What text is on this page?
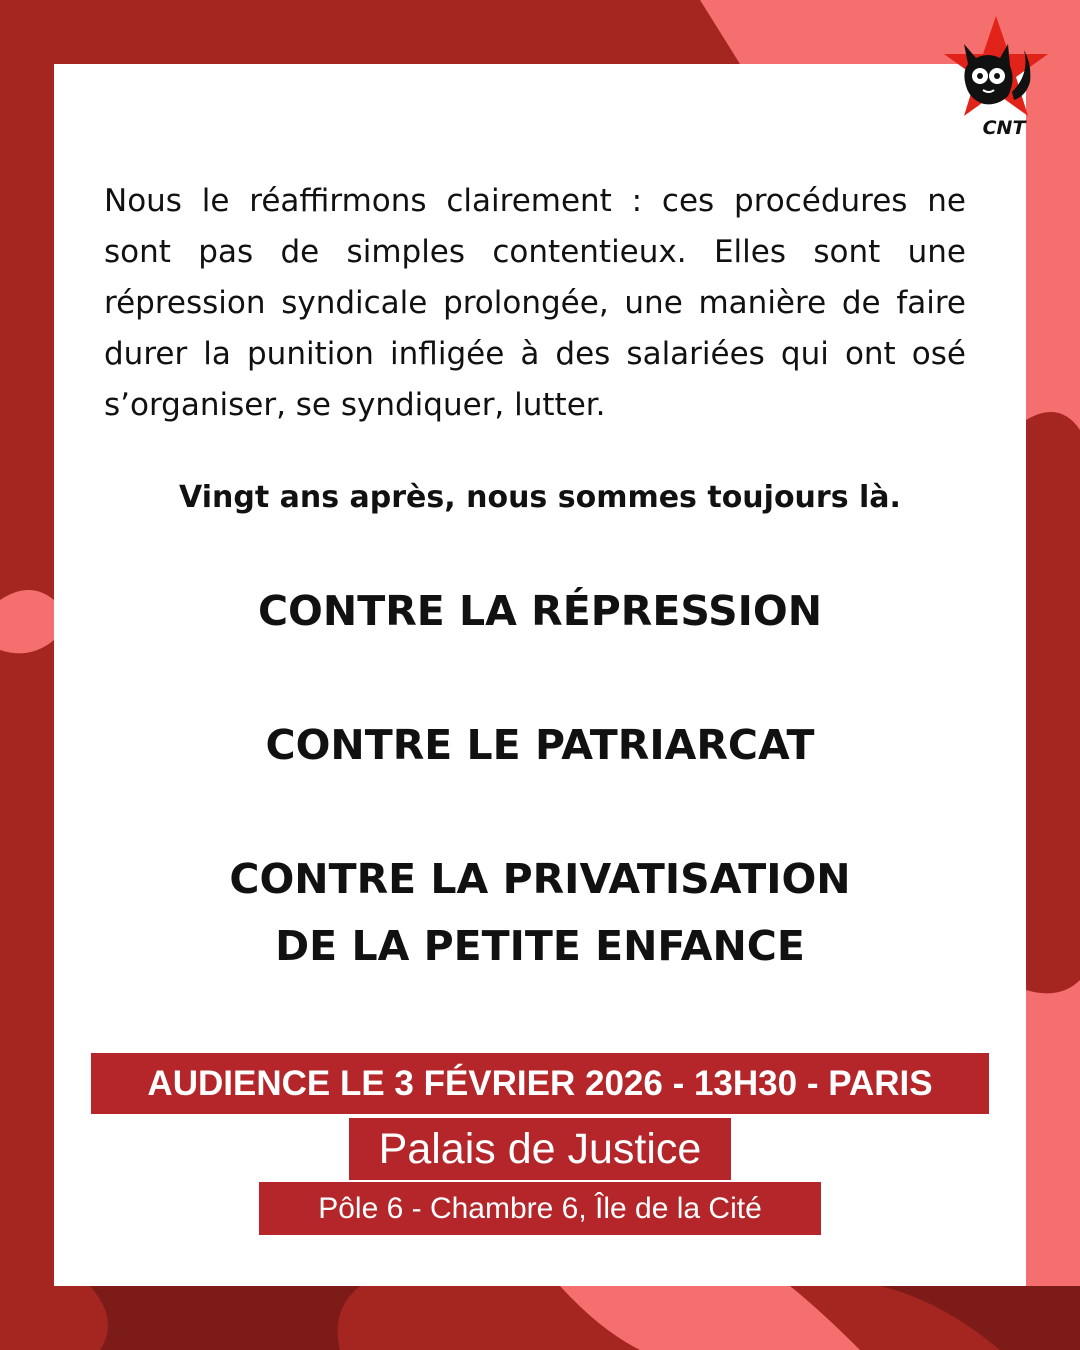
Nous le réaffirmons clairement : ces procédures ne sont pas de simples contentieux. Elles sont une répression syndicale prolongée, une manière de faire durer la punition infligée à des salariées qui ont osé s’organiser, se syndiquer, lutter.

Vingt ans après, nous sommes toujours là.

CONTRE LA RÉPRESSION

CONTRE LE PATRIARCAT

CONTRE LA PRIVATISATION

DE LA PETITE ENFANCE

AUDIENCE LE 3 FÉVRIER 2026 - 13H30 - PARIS
Palais de Justice
Pôle 6 - Chambre 6, Île de la Cité
CNT
